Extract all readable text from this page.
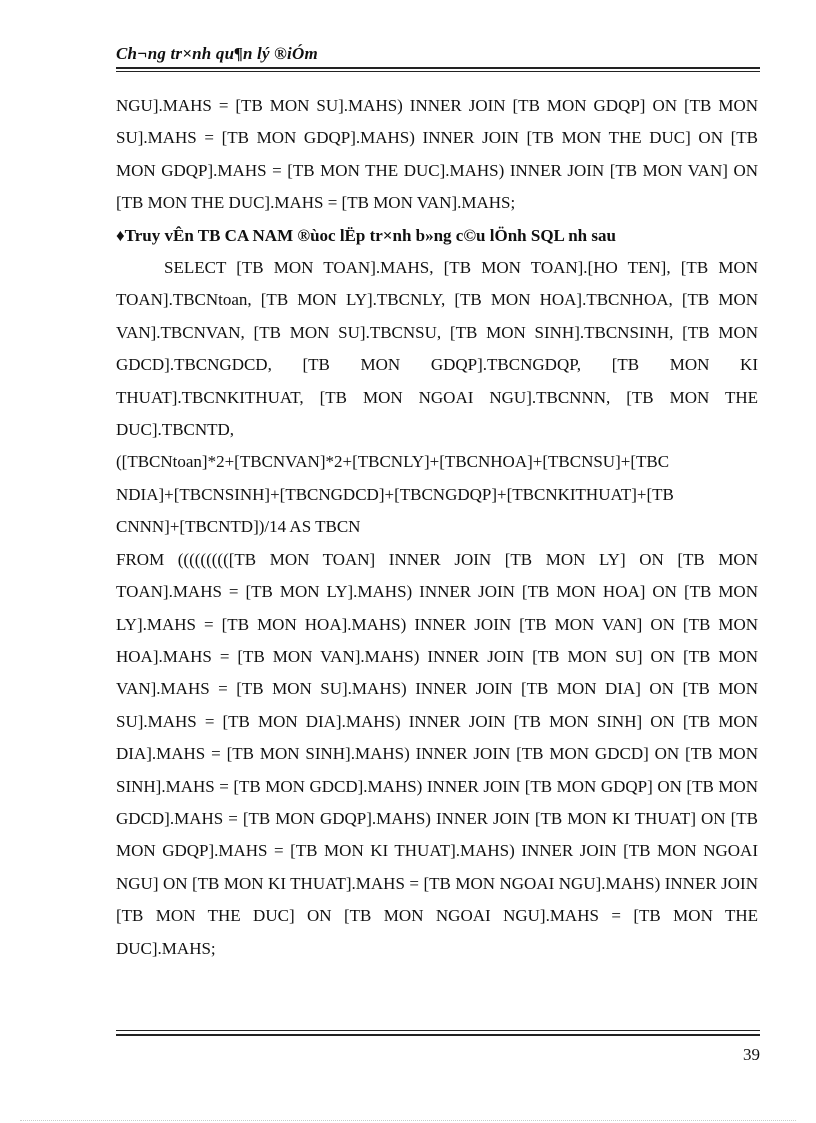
Ch¬ng tr×nh qu¶n lý ®iÓm

NGU].MAHS = [TB MON SU].MAHS) INNER JOIN [TB MON GDQP] ON [TB MON SU].MAHS = [TB MON GDQP].MAHS) INNER JOIN [TB MON THE DUC] ON [TB MON GDQP].MAHS = [TB MON THE DUC].MAHS) INNER JOIN [TB MON VAN] ON [TB MON THE DUC].MAHS = [TB MON VAN].MAHS;

♦Truy vÊn TB CA NAM ®ùoc lËp tr×nh b»ng c©u lÖnh SQL nh sau

SELECT [TB MON TOAN].MAHS, [TB MON TOAN].[HO TEN], [TB MON TOAN].TBCNtoan, [TB MON LY].TBCNLY, [TB MON HOA].TBCNHOA, [TB MON VAN].TBCNVAN, [TB MON SU].TBCNSU, [TB MON SINH].TBCNSINH, [TB MON GDCD].TBCNGDCD, [TB MON GDQP].TBCNGDQP, [TB MON KI THUAT].TBCNKITHUAT, [TB MON NGOAI NGU].TBCNNN, [TB MON THE DUC].TBCNTD,

([TBCNtoan]*2+[TBCNVAN]*2+[TBCNLY]+[TBCNHOA]+[TBCNSU]+[TBC

NDIA]+[TBCNSINH]+[TBCNGDCD]+[TBCNGDQP]+[TBCNKITHUAT]+[TB

CNNN]+[TBCNTD])/14 AS TBCN

FROM ((((((((([TB MON TOAN] INNER JOIN [TB MON LY] ON [TB MON TOAN].MAHS = [TB MON LY].MAHS) INNER JOIN [TB MON HOA] ON [TB MON LY].MAHS = [TB MON HOA].MAHS) INNER JOIN [TB MON VAN] ON [TB MON HOA].MAHS = [TB MON VAN].MAHS) INNER JOIN [TB MON SU] ON [TB MON VAN].MAHS = [TB MON SU].MAHS) INNER JOIN [TB MON DIA] ON [TB MON SU].MAHS = [TB MON DIA].MAHS) INNER JOIN [TB MON SINH] ON [TB MON DIA].MAHS = [TB MON SINH].MAHS) INNER JOIN [TB MON GDCD] ON [TB MON SINH].MAHS = [TB MON GDCD].MAHS) INNER JOIN [TB MON GDQP] ON [TB MON GDCD].MAHS = [TB MON GDQP].MAHS) INNER JOIN [TB MON KI THUAT] ON [TB MON GDQP].MAHS = [TB MON KI THUAT].MAHS) INNER JOIN [TB MON NGOAI NGU] ON [TB MON KI THUAT].MAHS = [TB MON NGOAI NGU].MAHS) INNER JOIN [TB MON THE DUC] ON [TB MON NGOAI NGU].MAHS = [TB MON THE DUC].MAHS;

39
